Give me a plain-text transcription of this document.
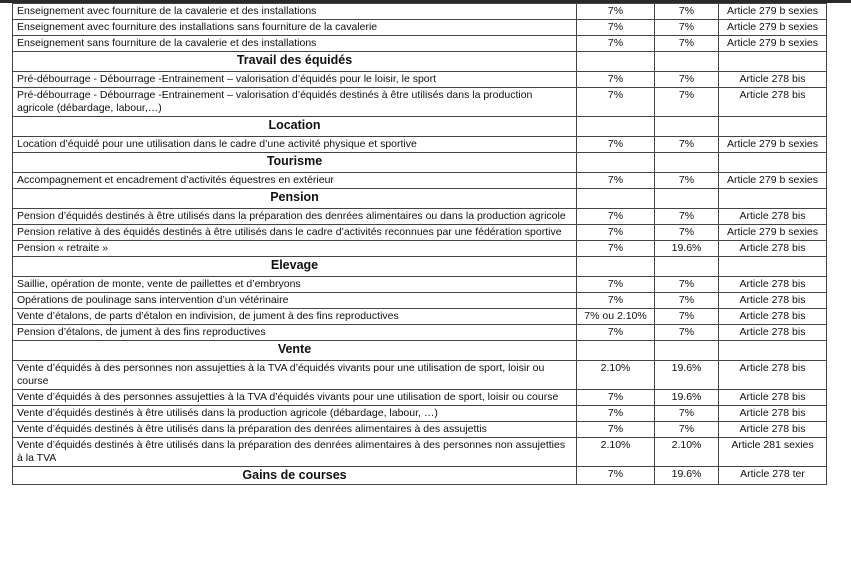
Enseignement avec fourniture de la cavalerie et des installations	7%	7%	Article 279 b sexies
Enseignement avec fourniture des installations sans fourniture de la cavalerie	7%	7%	Article 279 b sexies
Enseignement sans fourniture de la cavalerie et des installations	7%	7%	Article 279 b sexies
Travail des équidés			
Pré-débourrage - Débourrage -Entrainement – valorisation d’équidés pour le loisir, le sport	7%	7%	Article 278 bis
Pré-débourrage - Débourrage -Entrainement – valorisation d’équidés destinés à être utilisés dans la production agricole (débardage, labour,…)	7%	7%	Article 278 bis
Location			
Location d’équidé pour une utilisation dans le cadre d’une activité physique et sportive	7%	7%	Article 279 b sexies
Tourisme			
Accompagnement et encadrement d’activités équestres en extérieur	7%	7%	Article 279 b sexies
Pension			
Pension d’équidés destinés à être utilisés dans la préparation des denrées alimentaires ou dans la production agricole	7%	7%	Article 278 bis
Pension relative à des équidés destinés à être utilisés dans le cadre d’activités reconnues par une fédération sportive	7%	7%	Article 279 b sexies
Pension « retraite »	7%	19.6%	Article 278 bis
Elevage			
Saillie, opération de monte, vente de paillettes et d’embryons	7%	7%	Article 278 bis
Opérations de poulinage sans intervention d’un vétérinaire	7%	7%	Article 278 bis
Vente d’étalons, de parts d’étalon en indivision, de jument à des fins reproductives	7% ou 2.10%	7%	Article 278 bis
Pension d’étalons, de jument à des fins reproductives	7%	7%	Article 278 bis
Vente			
Vente d’équidés à des personnes non assujetties à la TVA d’équidés vivants pour une utilisation de sport, loisir ou course	2.10%	19.6%	Article 278 bis
Vente d’équidés à des personnes assujetties à la TVA d’équidés vivants pour une utilisation de sport, loisir ou course	7%	19.6%	Article 278 bis
Vente d’équidés destinés à être utilisés dans la production agricole (débardage, labour, …)	7%	7%	Article 278 bis
Vente d’équidés destinés à être utilisés dans la préparation des denrées alimentaires à des assujettis	7%	7%	Article 278 bis
Vente d’équidés destinés à être utilisés dans la préparation des denrées alimentaires à des personnes non assujetties à la TVA	2.10%	2.10%	Article 281 sexies
Gains de courses	7%	19.6%	Article 278 ter
